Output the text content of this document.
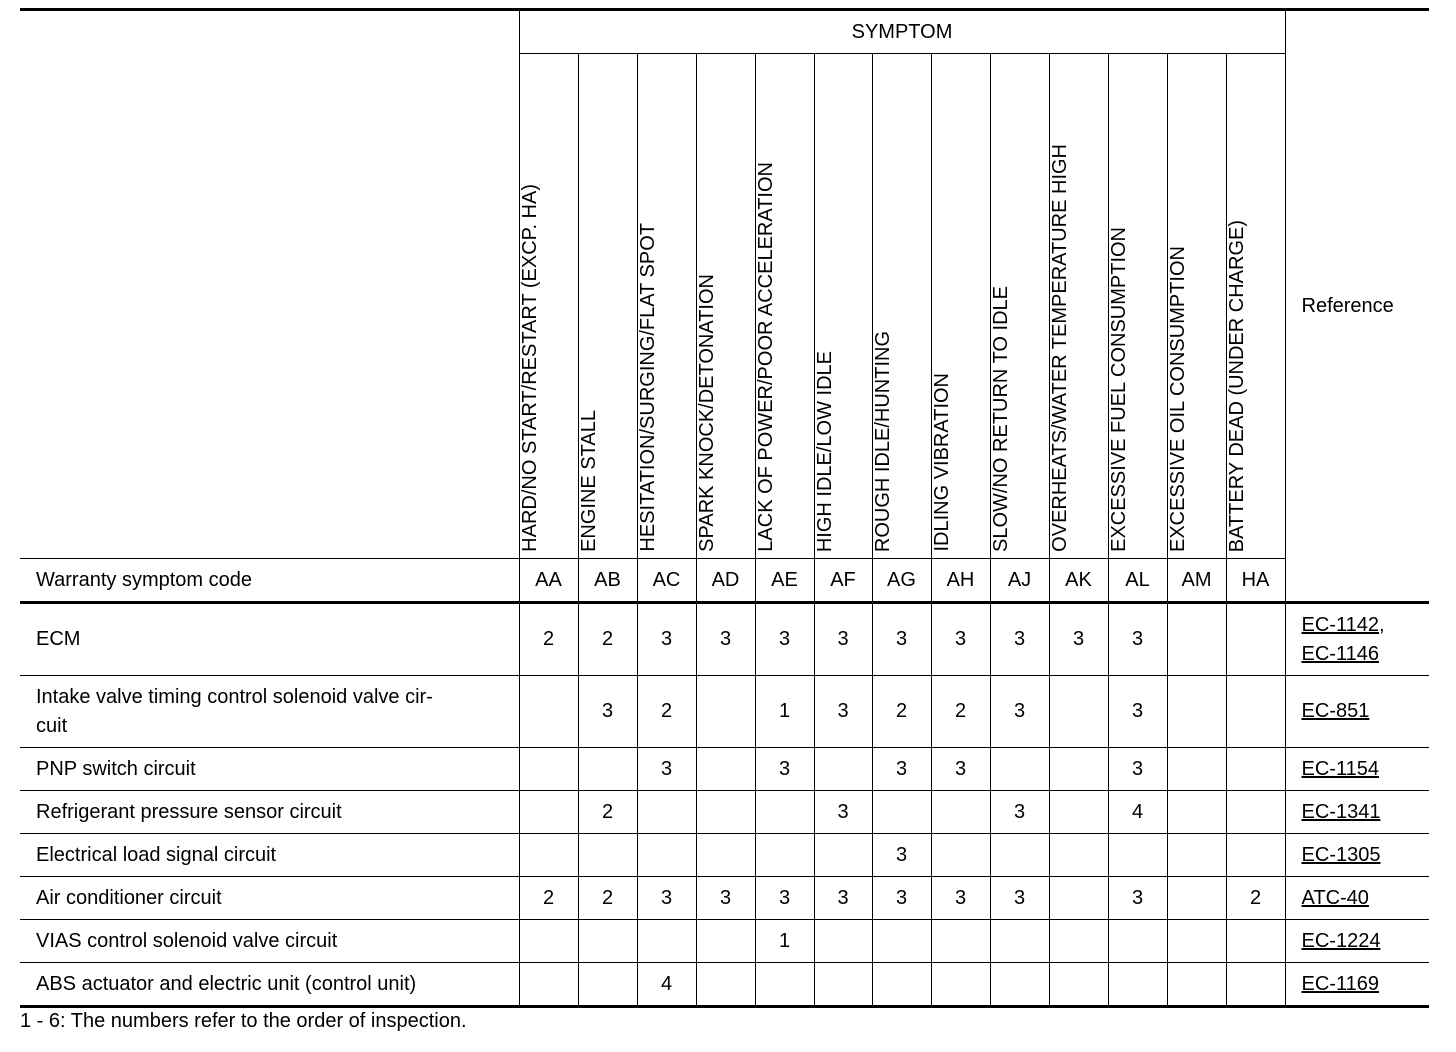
	SYMPTOM													Reference
	HARD/NO START/RESTART (EXCP. HA)	ENGINE STALL	HESITATION/SURGING/FLAT SPOT	SPARK KNOCK/DETONATION	LACK OF POWER/POOR ACCELERATION	HIGH IDLE/LOW IDLE	ROUGH IDLE/HUNTING	IDLING VIBRATION	SLOW/NO RETURN TO IDLE	OVERHEATS/WATER TEMPERATURE HIGH	EXCESSIVE FUEL CONSUMPTION	EXCESSIVE OIL CONSUMPTION	BATTERY DEAD (UNDER CHARGE)	
Warranty symptom code	AA	AB	AC	AD	AE	AF	AG	AH	AJ	AK	AL	AM	HA	
ECM	2	2	3	3	3	3	3	3	3	3	3			EC-1142,
EC-1146

Intake valve timing control solenoid valve cir-
cuit		3	2		1	3	2	2	3		3			EC-851

PNP switch circuit			3		3		3	3			3			EC-1154

Refrigerant pressure sensor circuit		2				3			3		4			EC-1341

Electrical load signal circuit							3							EC-1305

Air conditioner circuit	2	2	3	3	3	3	3	3	3		3		2	ATC-40

VIAS control solenoid valve circuit					1									EC-1224

ABS actuator and electric unit (control unit)			4											EC-1169
1 - 6: The numbers refer to the order of inspection.
